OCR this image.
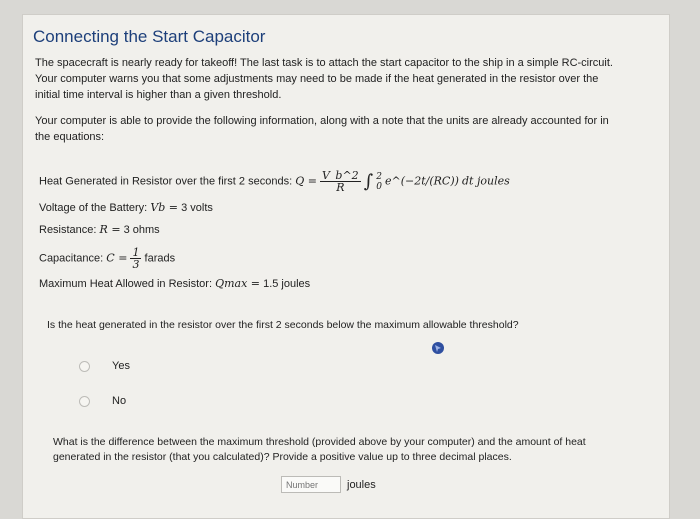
Connecting the Start Capacitor
The spacecraft is nearly ready for takeoff! The last task is to attach the start capacitor to the ship in a simple RC-circuit. Your computer warns you that some adjustments may need to be made if the heat generated in the resistor over the initial time interval is higher than a given threshold.
Your computer is able to provide the following information, along with a note that the units are already accounted for in the equations:
Heat Generated in Resistor over the first 2 seconds: $Q = \frac{V\_b\^{}2}{R}$ ∫ 2
0 e^(−2t/(RC)) dt joules
Voltage of the Battery: Vb = 3 volts
Resistance: R = 3 ohms
Capacitance: $C = \frac{1}{3}$ farads
Maximum Heat Allowed in Resistor: Qmax = 1.5 joules
Is the heat generated in the resistor over the first 2 seconds below the maximum allowable threshold?
Yes
No
What is the difference between the maximum threshold (provided above by your computer) and the amount of heat generated in the resistor (that you calculated)? Provide a positive value up to three decimal places.
Number
joules
